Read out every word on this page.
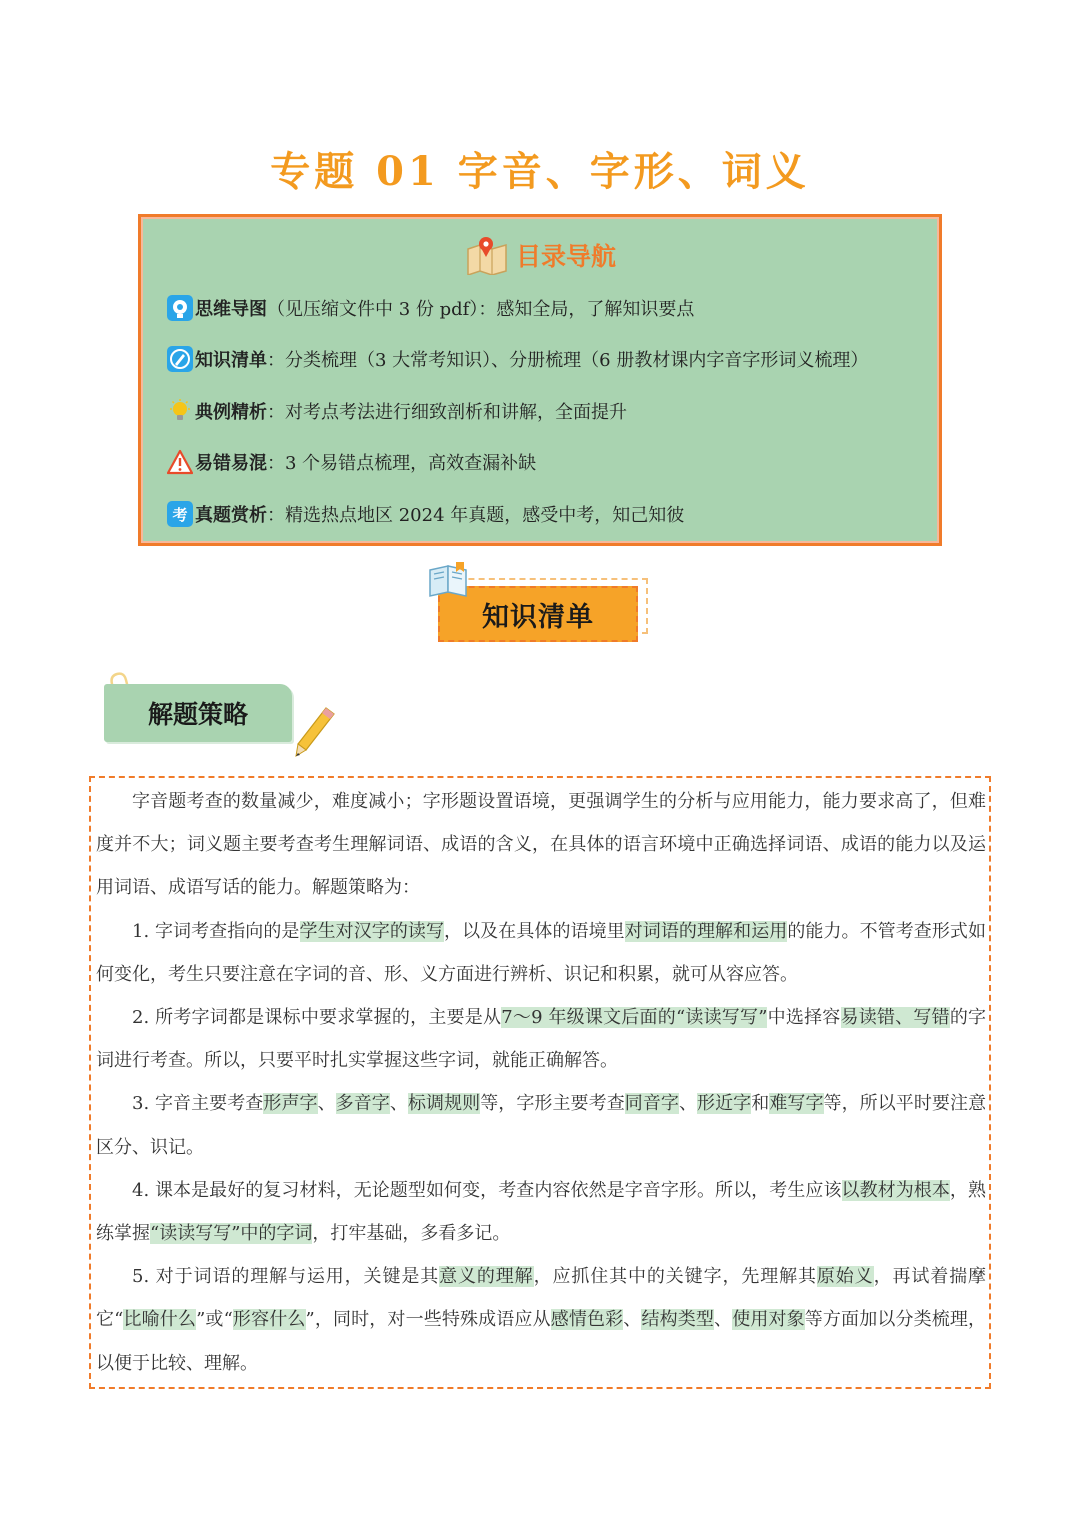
专题 01 字音、字形、词义
目录导航
思维导图 （见压缩文件中 3 份 pdf）：感知全局，了解知识要点
知识清单 ：分类梳理（3 大常考知识）、分册梳理（6 册教材课内字音字形词义梳理）
典例精析 ：对考点考法进行细致剖析和讲解，全面提升
易错易混 ：3 个易错点梳理，高效查漏补缺
考 真题赏析 ：精选热点地区 2024 年真题，感受中考，知己知彼
知识清单
解题策略

字音题考查的数量减少，难度减小；字形题设置语境，更强调学生的分析与应用能力，能力要求高了，但难度并不大；词义题主要考查考生理解词语、成语的含义，在具体的语言环境中正确选择词语、成语的能力以及运用词语、成语写话的能力。解题策略为：

1. 字词考查指向的是学生对汉字的读写，以及在具体的语境里对词语的理解和运用的能力。不管考查形式如何变化，考生只要注意在字词的音、形、义方面进行辨析、识记和积累，就可从容应答。

2. 所考字词都是课标中要求掌握的，主要是从7～9 年级课文后面的“读读写写”中选择容易读错、写错的字词进行考查。所以，只要平时扎实掌握这些字词，就能正确解答。

3. 字音主要考查形声字、多音字、标调规则等，字形主要考查同音字、形近字和难写字等，所以平时要注意区分、识记。

4. 课本是最好的复习材料，无论题型如何变，考查内容依然是字音字形。所以，考生应该以教材为根本，熟练掌握“读读写写”中的字词，打牢基础，多看多记。

5. 对于词语的理解与运用，关键是其意义的理解，应抓住其中的关键字，先理解其原始义，再试着揣摩它“比喻什么”或“形容什么”，同时，对一些特殊成语应从感情色彩、结构类型、使用对象等方面加以分类梳理，以便于比较、理解。
